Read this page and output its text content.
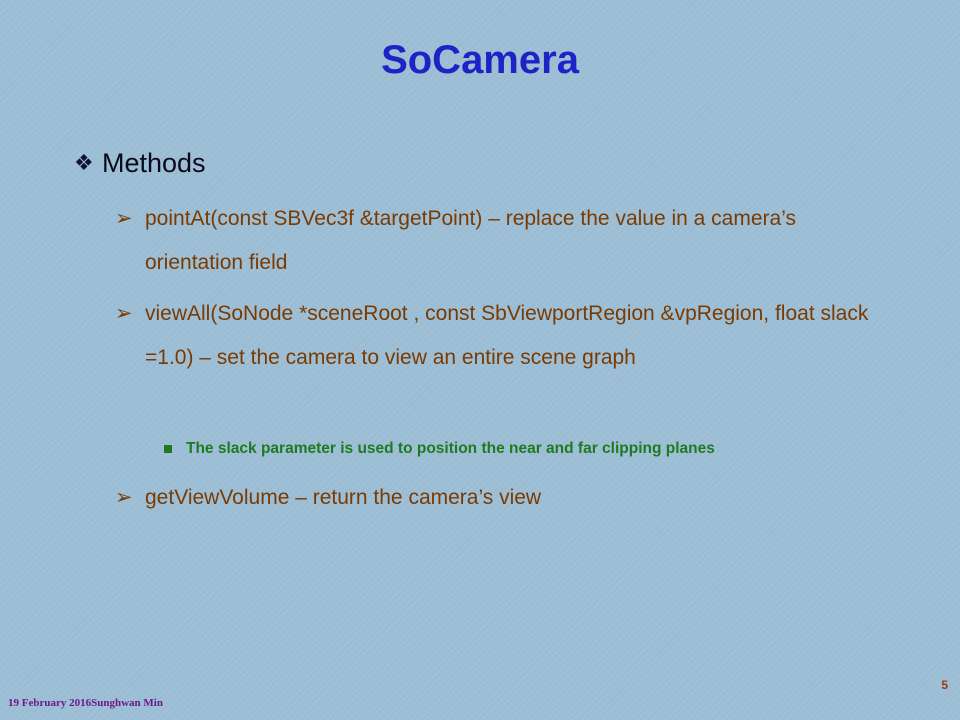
SoCamera
❖ Methods
➢ pointAt(const SBVec3f &targetPoint) – replace the value in a camera’s orientation field
➢ viewAll(SoNode *sceneRoot , const SbViewportRegion &vpRegion, float slack =1.0) – set the camera to view an entire scene graph
The slack parameter is used to position the near and far clipping planes
➢ getViewVolume – return the camera’s view
19 February 2016Sunghwan Min
5
